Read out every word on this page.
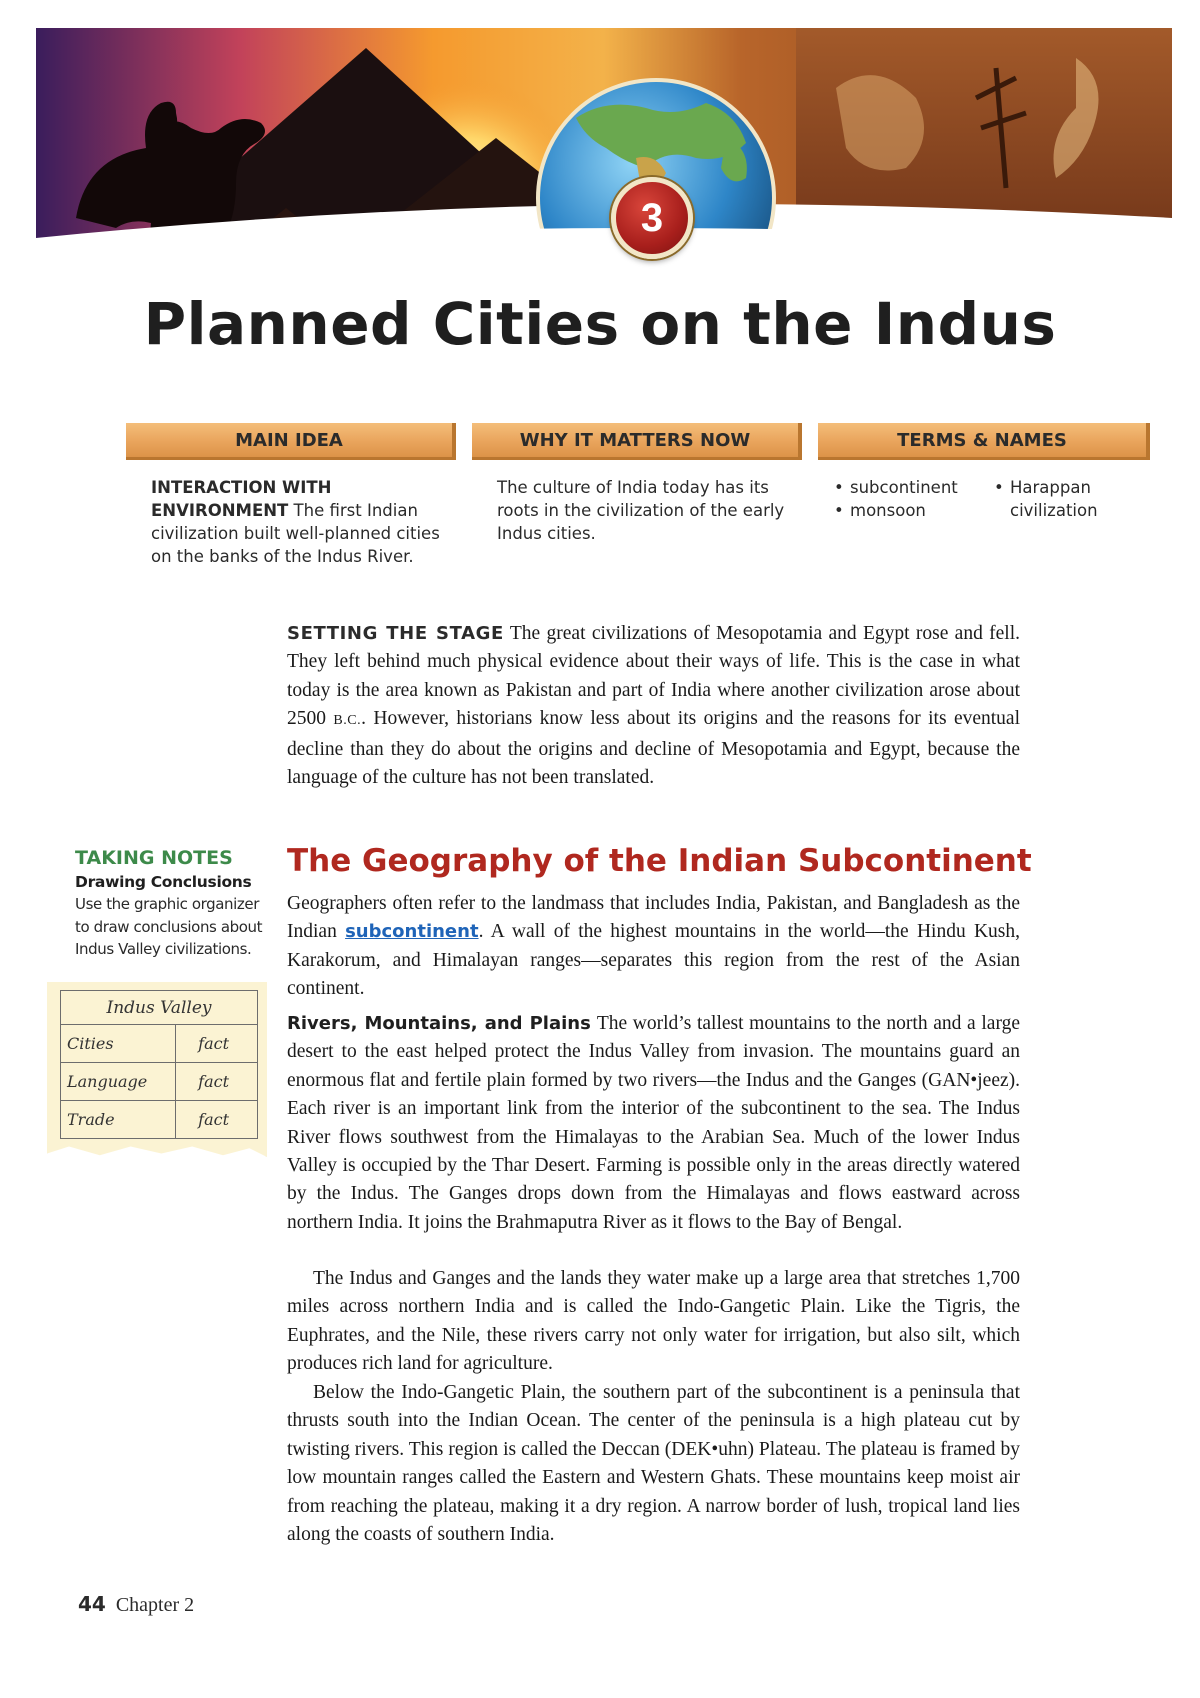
3
Planned Cities on the Indus
MAIN IDEA	WHY IT MATTERS NOW	TERMS & NAMES

INTERACTION WITH ENVIRONMENT The first Indian civilization built well-planned cities on the banks of the Indus River.

The culture of India today has its roots in the civilization of the early Indus cities.

• subcontinent
• monsoon
• Harappan civilization

SETTING THE STAGE The great civilizations of Mesopotamia and Egypt rose and fell. They left behind much physical evidence about their ways of life. This is the case in what today is the area known as Pakistan and part of India where another civilization arose about 2500 B.C.. However, historians know less about its origins and the reasons for its eventual decline than they do about the origins and decline of Mesopotamia and Egypt, because the language of the culture has not been translated.

TAKING NOTES
Drawing Conclusions
Use the graphic organizer to draw conclusions about Indus Valley civilizations.
Indus Valley	
Cities	fact
Language	fact
Trade	fact
The Geography of the Indian Subcontinent

Geographers often refer to the landmass that includes India, Pakistan, and Bangladesh as the Indian subcontinent. A wall of the highest mountains in the world—the Hindu Kush, Karakorum, and Himalayan ranges—separates this region from the rest of the Asian continent.

Rivers, Mountains, and Plains The world’s tallest mountains to the north and a large desert to the east helped protect the Indus Valley from invasion. The mountains guard an enormous flat and fertile plain formed by two rivers—the Indus and the Ganges (GAN•jeez). Each river is an important link from the interior of the subcontinent to the sea. The Indus River flows southwest from the Himalayas to the Arabian Sea. Much of the lower Indus Valley is occupied by the Thar Desert. Farming is possible only in the areas directly watered by the Indus. The Ganges drops down from the Himalayas and flows eastward across northern India. It joins the Brahmaputra River as it flows to the Bay of Bengal.

The Indus and Ganges and the lands they water make up a large area that stretches 1,700 miles across northern India and is called the Indo-Gangetic Plain. Like the Tigris, the Euphrates, and the Nile, these rivers carry not only water for irrigation, but also silt, which produces rich land for agriculture.

Below the Indo-Gangetic Plain, the southern part of the subcontinent is a peninsula that thrusts south into the Indian Ocean. The center of the peninsula is a high plateau cut by twisting rivers. This region is called the Deccan (DEK•uhn) Plateau. The plateau is framed by low mountain ranges called the Eastern and Western Ghats. These mountains keep moist air from reaching the plateau, making it a dry region. A narrow border of lush, tropical land lies along the coasts of southern India.

44 Chapter 2
